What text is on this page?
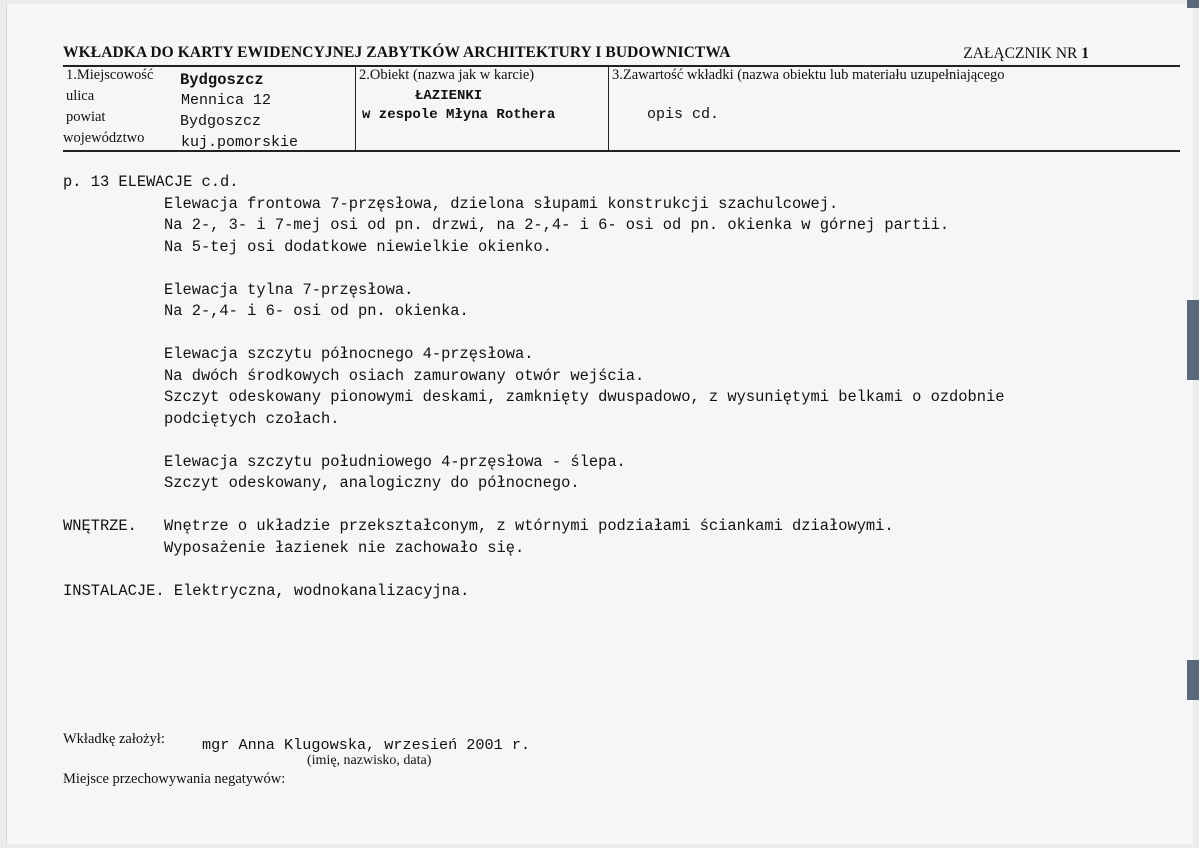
WKŁADKA DO KARTY EWIDENCYJNEJ ZABYTKÓW ARCHITEKTURY I BUDOWNICTWA	ZAŁĄCZNIK NR 1
1.Miejscowość Bydgoszcz
ulica	Mennica 12
powiat	Bydgoszcz
województwo kuj.pomorskie
2.Obiekt (nazwa jak w karcie)
ŁAZIENKI
w zespole Młyna Rothera
3.Zawartość wkładki (nazwa obiektu lub materiału uzupełniającego
opis cd.
p. 13 ELEWACJE c.d.
Elewacja frontowa 7-przęsłowa, dzielona słupami konstrukcji szachulcowej.
Na 2-, 3- i 7-mej osi od pn. drzwi, na 2-,4- i 6- osi od pn. okienka w górnej partii.
Na 5-tej osi dodatkowe niewielkie okienko.
Elewacja tylna 7-przęsłowa.
Na 2-,4- i 6- osi od pn. okienka.
Elewacja szczytu północnego 4-przęsłowa.
Na dwóch środkowych osiach zamurowany otwór wejścia.
Szczyt odeskowany pionowymi deskami, zamknięty dwuspadowo, z wysuniętymi belkami o ozdobnie
podciętych czołach.
Elewacja szczytu południowego 4-przęsłowa - ślepa.
Szczyt odeskowany, analogiczny do północnego.
WNĘTRZE. Wnętrze o układzie przekształconym, z wtórnymi podziałami ściankami działowymi.
Wyposażenie łazienek nie zachowało się.
INSTALACJE. Elektryczna, wodnokanalizacyjna.
Wkładkę założył: mgr Anna Klugowska, wrzesień 2001 r.
(imię, nazwisko, data)
Miejsce przechowywania negatywów:
